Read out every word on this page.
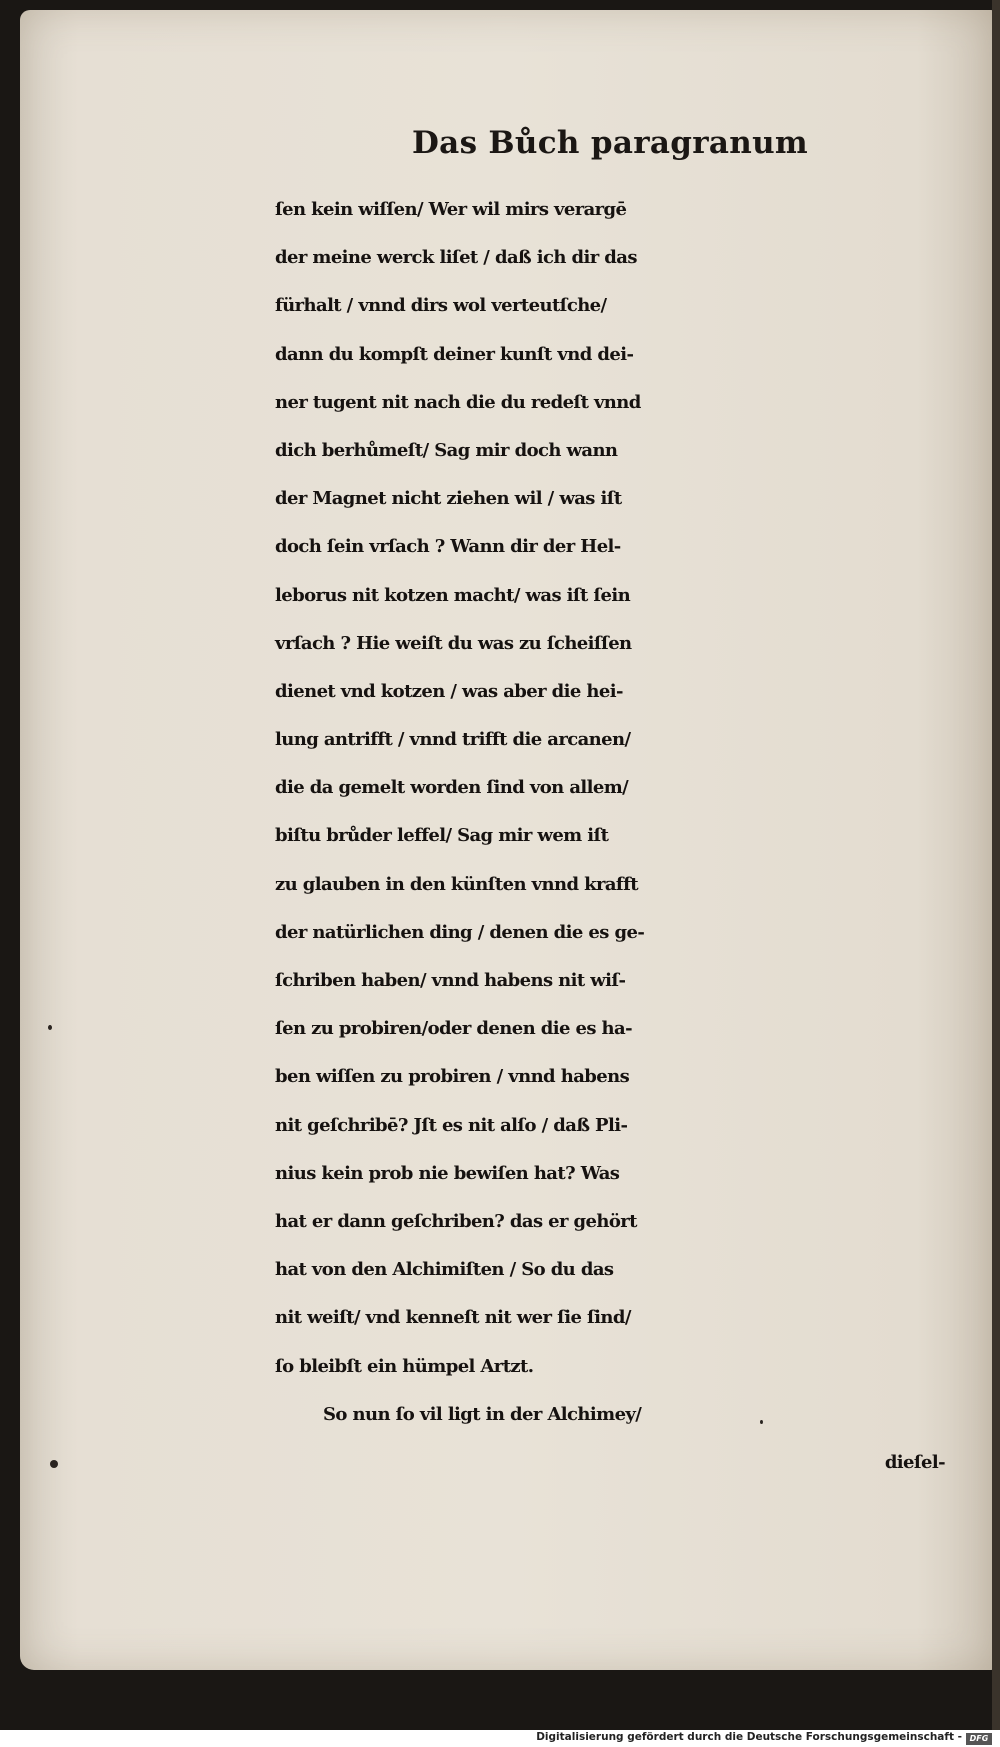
Das Bůch paragranum
ſen kein wiſſen/ Wer wil mirs verargē
der meine werck liſet / daß ich dir das
fürhalt / vnnd dirs wol verteutſche/
dann du kompſt deiner kunſt vnd dei-
ner tugent nit nach die du redeſt vnnd
dich berhůmeſt/ Sag mir doch wann
der Magnet nicht ziehen wil / was iſt
doch ſein vrſach ? Wann dir der Hel-
leborus nit kotzen macht/ was iſt ſein
vrſach ? Hie weiſt du was zu ſcheiſſen
dienet vnd kotzen / was aber die hei-
lung antrifft / vnnd trifft die arcanen/
die da gemelt worden ſind von allem/
biſtu brůder leffel/ Sag mir wem iſt
zu glauben in den künſten vnnd krafft
der natürlichen ding / denen die es ge-
ſchriben haben/ vnnd habens nit wiſ-
ſen zu probiren/oder denen die es ha-
ben wiſſen zu probiren / vnnd habens
nit geſchribē? Jſt es nit alſo / daß Pli-
nius kein prob nie bewiſen hat? Was
hat er dann geſchriben? das er gehört
hat von den Alchimiſten / So du das
nit weiſt/ vnd kenneſt nit wer ſie ſind/
ſo bleibſt ein hümpel Artzt.
So nun ſo vil ligt in der Alchimey/
dieſel-
Digitalisierung gefördert durch die Deutsche Forschungsgemeinschaft - DFG
